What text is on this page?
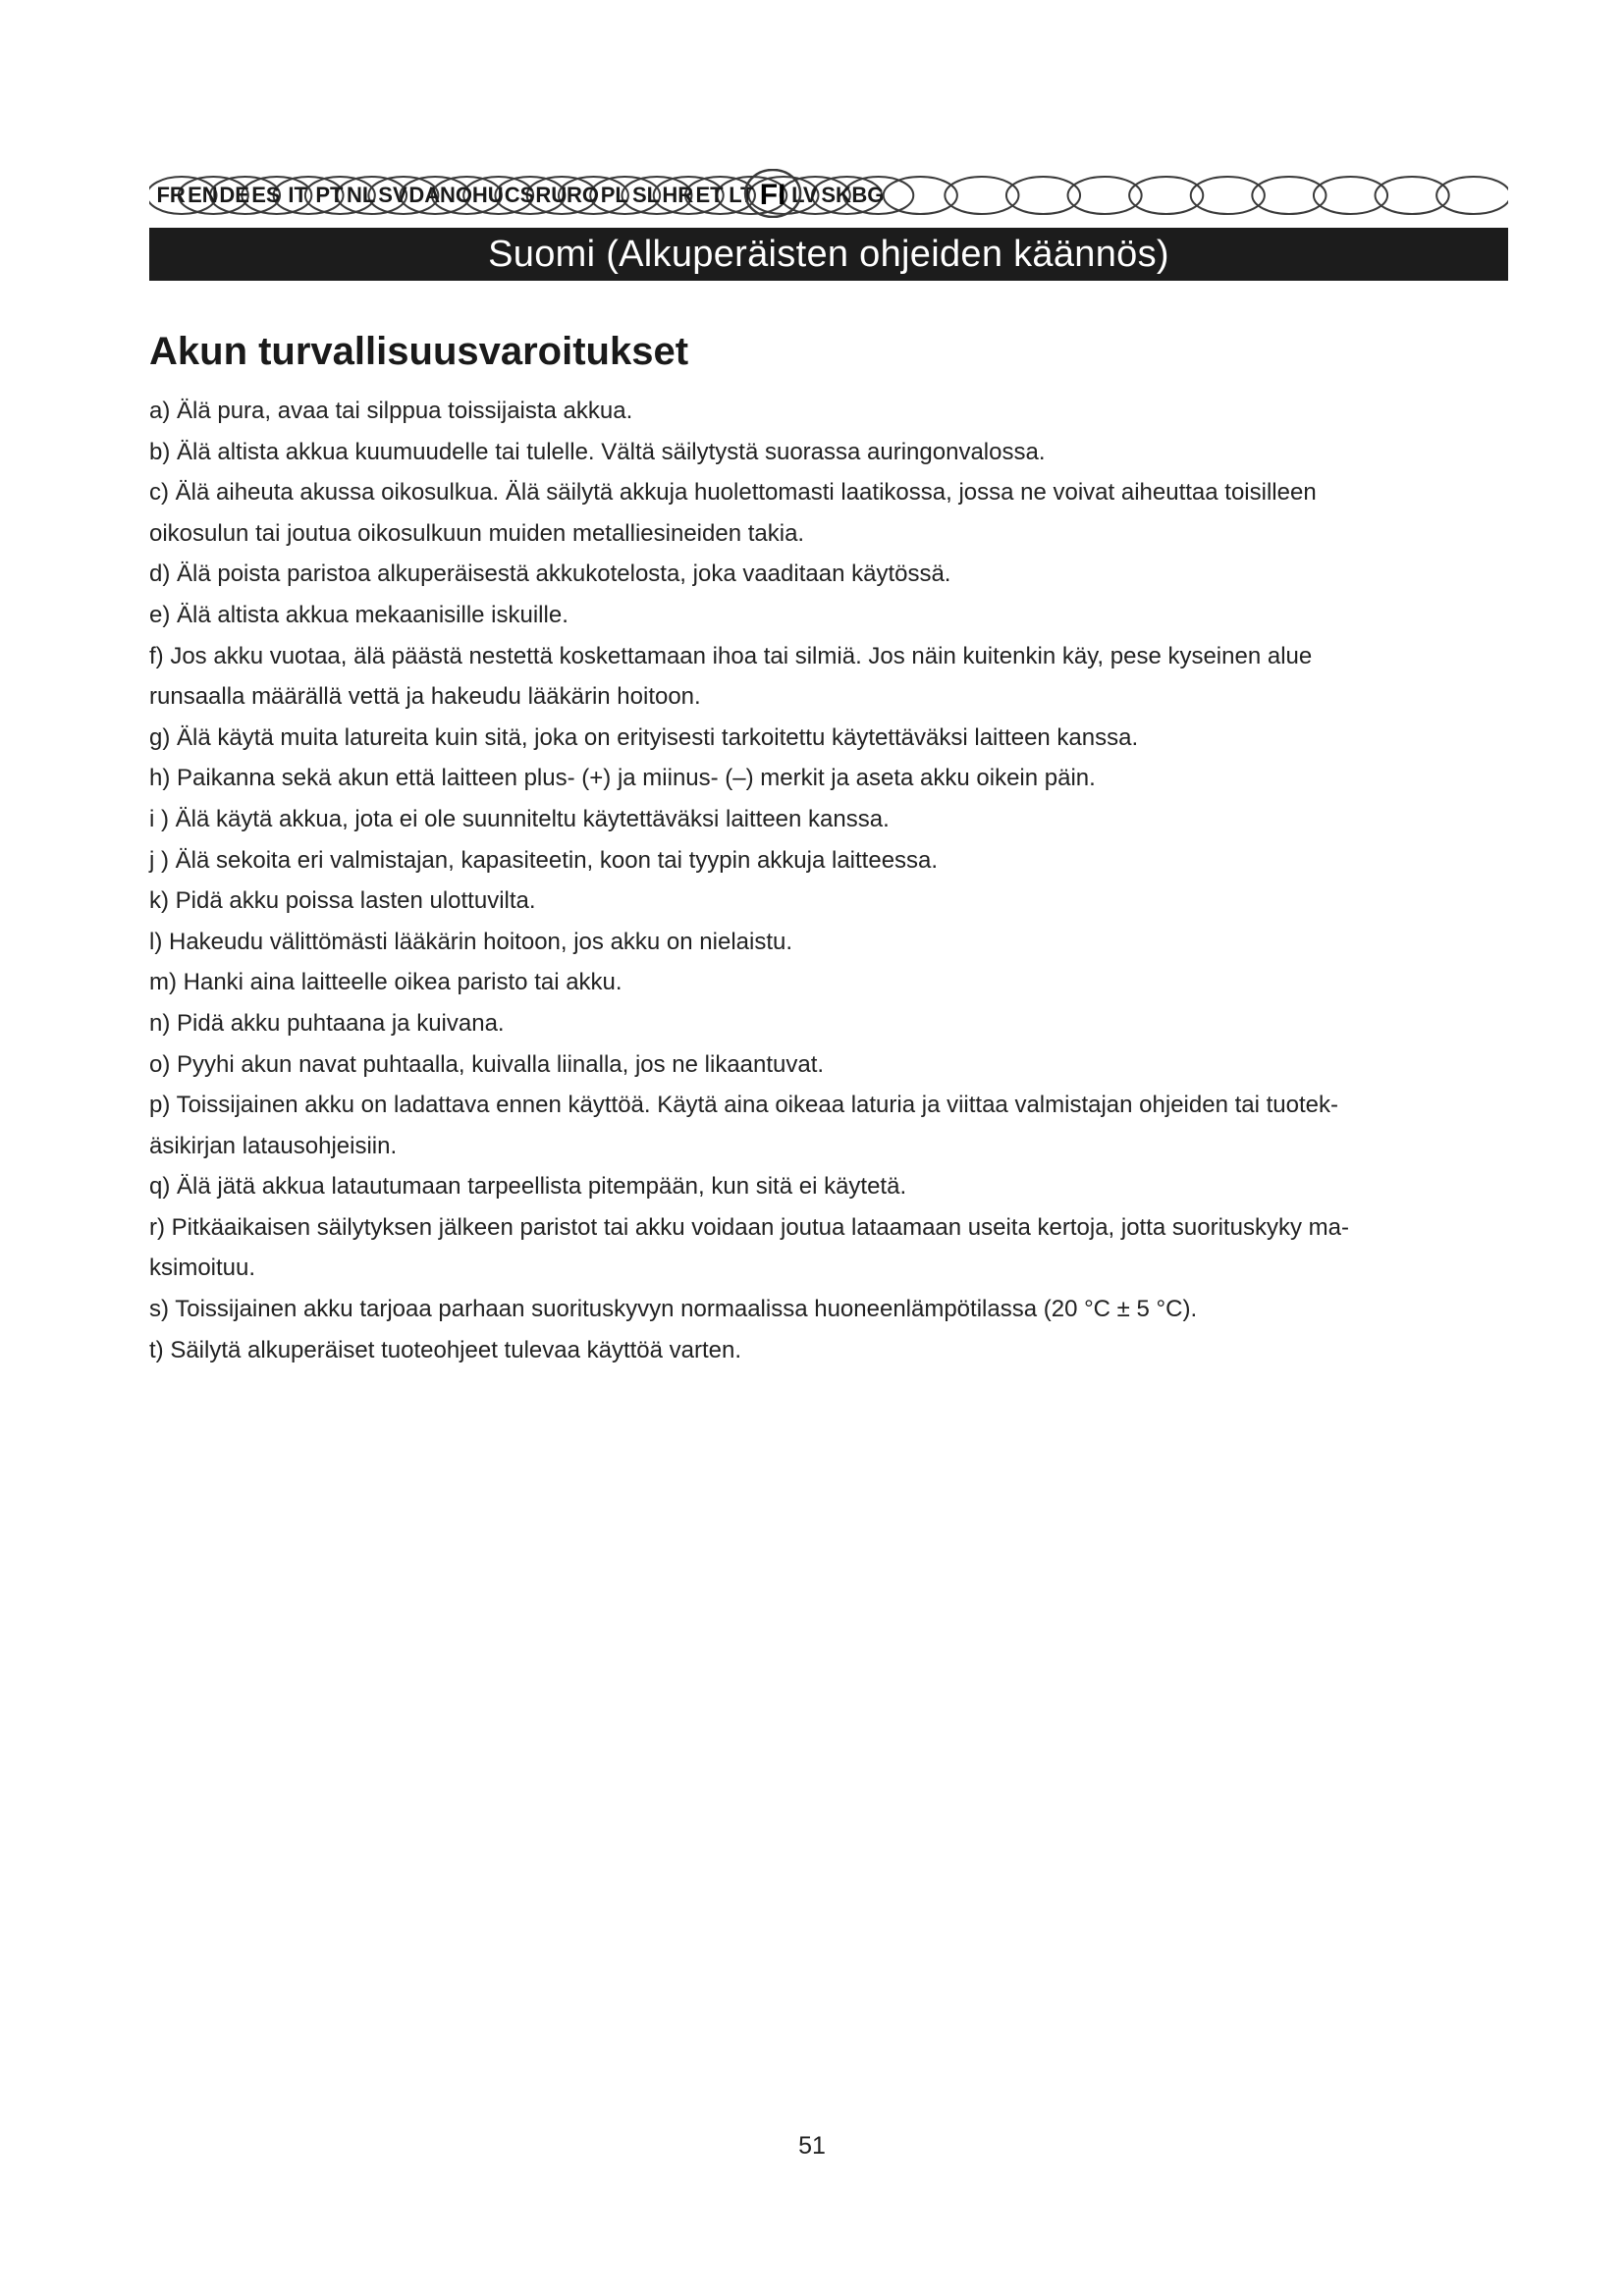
FR EN DE ES IT PT NL SV DA NO HU CS RU RO PL SL HR ET LT FI LV SK BG
Suomi (Alkuperäisten ohjeiden käännös)
Akun turvallisuusvaroitukset
a) Älä pura, avaa tai silppua toissijaista akkua.
b) Älä altista akkua kuumuudelle tai tulelle. Vältä säilytystä suorassa auringonvalossa.
c) Älä aiheuta akussa oikosulkua. Älä säilytä akkuja huolettomasti laatikossa, jossa ne voivat aiheuttaa toisilleen
oikosulun tai joutua oikosulkuun muiden metalliesineiden takia.
d) Älä poista paristoa alkuperäisestä akkukotelosta, joka vaaditaan käytössä.
e) Älä altista akkua mekaanisille iskuille.
f) Jos akku vuotaa, älä päästä nestettä koskettamaan ihoa tai silmiä. Jos näin kuitenkin käy, pese kyseinen alue
runsaalla määrällä vettä ja hakeudu lääkärin hoitoon.
g) Älä käytä muita latureita kuin sitä, joka on erityisesti tarkoitettu käytettäväksi laitteen kanssa.
h) Paikanna sekä akun että laitteen plus- (+) ja miinus- (–) merkit ja aseta akku oikein päin.
i ) Älä käytä akkua, jota ei ole suunniteltu käytettäväksi laitteen kanssa.
j ) Älä sekoita eri valmistajan, kapasiteetin, koon tai tyypin akkuja laitteessa.
k) Pidä akku poissa lasten ulottuvilta.
l) Hakeudu välittömästi lääkärin hoitoon, jos akku on nielaistu.
m) Hanki aina laitteelle oikea paristo tai akku.
n) Pidä akku puhtaana ja kuivana.
o) Pyyhi akun navat puhtaalla, kuivalla liinalla, jos ne likaantuvat.
p) Toissijainen akku on ladattava ennen käyttöä. Käytä aina oikeaa laturia ja viittaa valmistajan ohjeiden tai tuotek-
äsikirjan latausohjeisiin.
q) Älä jätä akkua latautumaan tarpeellista pitempään, kun sitä ei käytetä.
r) Pitkäaikaisen säilytyksen jälkeen paristot tai akku voidaan joutua lataamaan useita kertoja, jotta suorituskyky ma-
ksimoituu.
s) Toissijainen akku tarjoaa parhaan suorituskyvyn normaalissa huoneenlämpötilassa (20 °C ± 5 °C).
t) Säilytä alkuperäiset tuoteohjeet tulevaa käyttöä varten.
51
